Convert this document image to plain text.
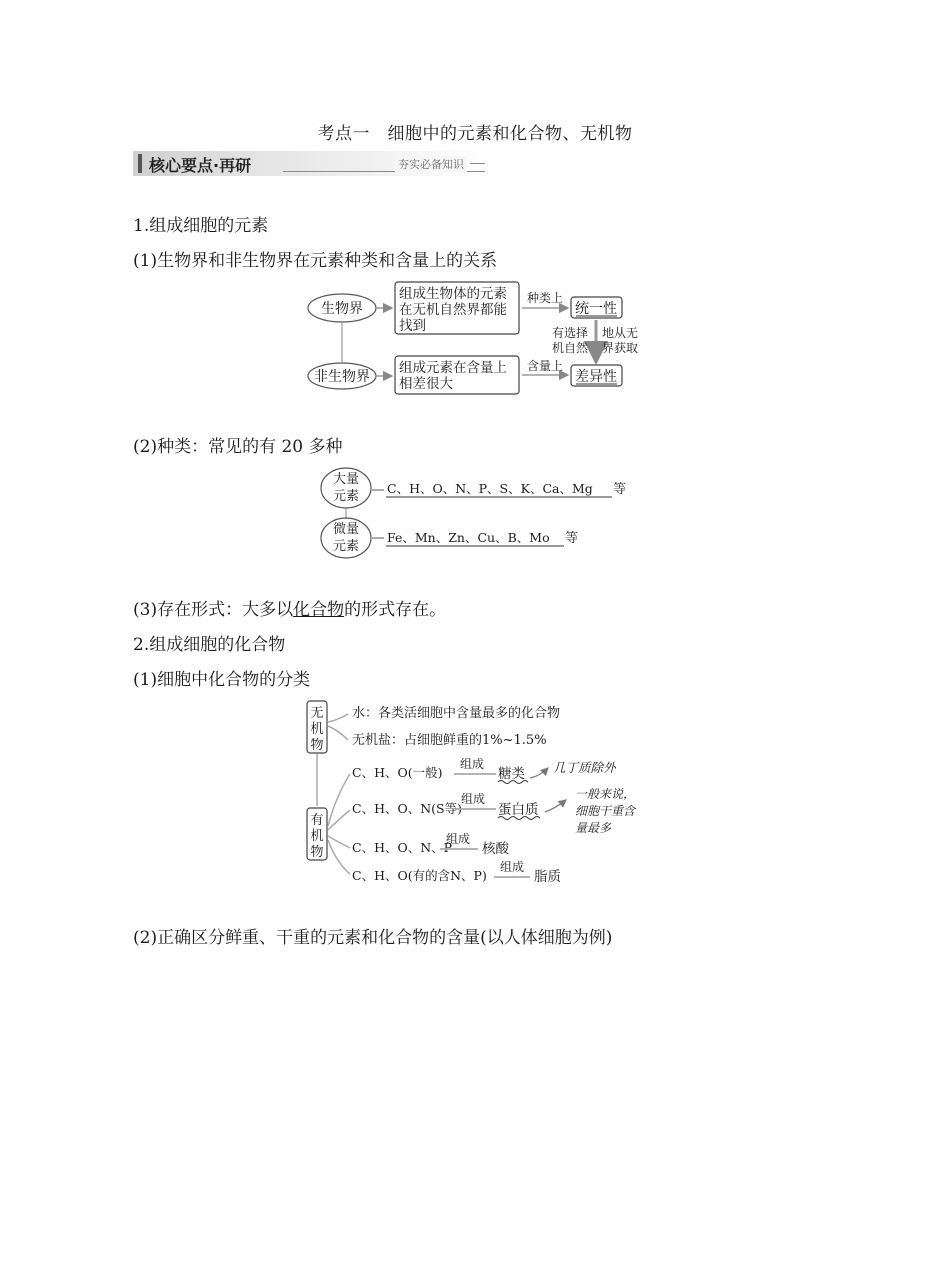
考点一　细胞中的元素和化合物、无机物
核心要点·再研	夯实必备知识
1.组成细胞的元素
(1)生物界和非生物界在元素种类和含量上的关系
生物界
非生物界
组成生物体的元素
在无机自然界都能
找到
组成元素在含量上
相差很大
种类上
含量上
统一性
差异性
有选择
机自然
地从无
界获取
(2)种类：常见的有 20 多种
大量
元素
C、H、O、N、P、S、K、Ca、Mg 等
微量
元素
Fe、Mn、Zn、Cu、B、Mo 等
(3)存在形式：大多以化合物的形式存在。
2.组成细胞的化合物
(1)细胞中化合物的分类
无
机
物
水：各类活细胞中含量最多的化合物
无机盐：占细胞鲜重的1%~1.5%
有
机
物
C、H、O(一般)
组成
糖类 几丁质除外
C、H、O、N(S等)
组成
蛋白质
一般来说，
细胞干重含
量最多
C、H、O、N、P
组成
核酸
C、H、O(有的含N、P)
组成
脂质
(2)正确区分鲜重、干重的元素和化合物的含量(以人体细胞为例)
